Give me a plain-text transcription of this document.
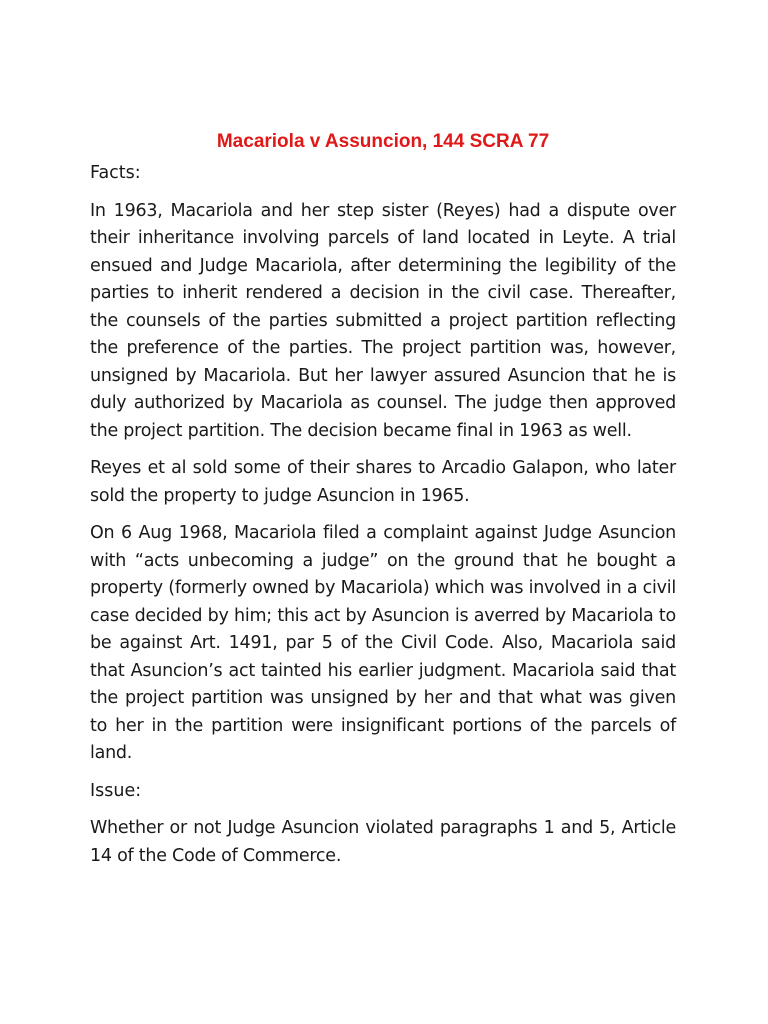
Macariola v Assuncion, 144 SCRA 77

Facts:

In 1963, Macariola and her step sister (Reyes) had a dispute over their inheritance involving parcels of land located in Leyte. A trial ensued and Judge Macariola, after determining the legibility of the parties to inherit rendered a decision in the civil case. Thereafter, the counsels of the parties submitted a project partition reflecting the preference of the parties. The project partition was, however, unsigned by Macariola. But her lawyer assured Asuncion that he is duly authorized by Macariola as counsel. The judge then approved the project partition. The decision became final in 1963 as well.

Reyes et al sold some of their shares to Arcadio Galapon, who later sold the property to judge Asuncion in 1965.

On 6 Aug 1968, Macariola filed a complaint against Judge Asuncion with “acts unbecoming a judge” on the ground that he bought a property (formerly owned by Macariola) which was involved in a civil case decided by him; this act by Asuncion is averred by Macariola to be against Art. 1491, par 5 of the Civil Code. Also, Macariola said that Asuncion’s act tainted his earlier judgment. Macariola said that the project partition was unsigned by her and that what was given to her in the partition were insignificant portions of the parcels of land.

Issue:

Whether or not Judge Asuncion violated paragraphs 1 and 5, Article 14 of the Code of Commerce.
